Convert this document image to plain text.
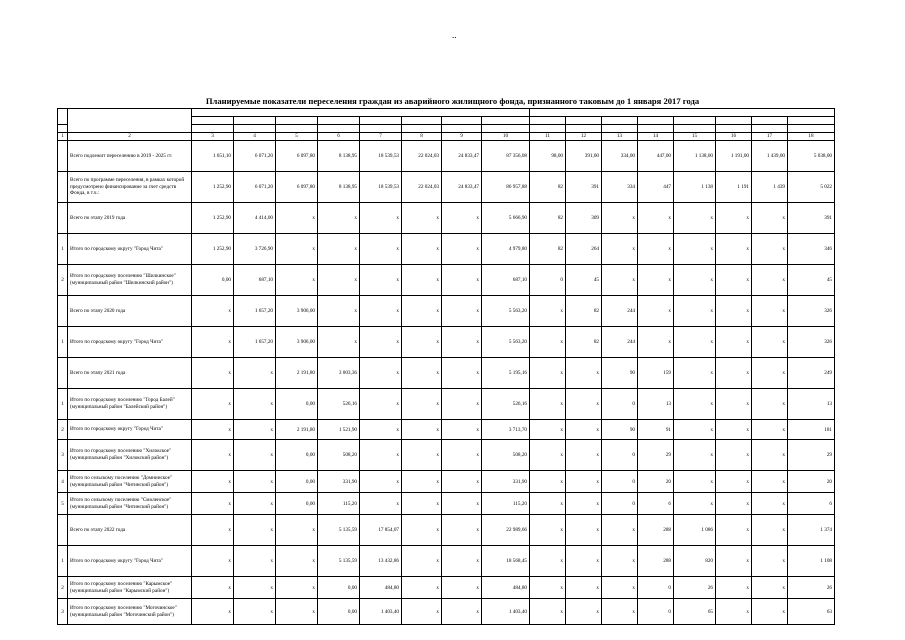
..
Планируемые показатели переселения граждан из аварийного жилищного фонда, признанного таковым до 1 января 2017 года

1	2	3	4	5	6	7	8	9	10	11	12	13	14	15	16	17	18
	Всего подлежит переселению в 2019 - 2025 гг.	1 651,10	6 071,20	6 097,80	8 138,95	18 539,53	22 024,03	24 833,47	87 356,08	98,00	391,00	334,00	447,00	1 138,00	1 191,00	1 439,00	5 038,00
	Всего по программе переселения, в рамках которой предусмотрено финансирование за счет средств Фонда, в т.ч.:	1 252,90	6 071,20	6 097,80	8 138,95	18 539,53	22 024,03	24 833,47	86 957,88	82	391	334	447	1 138	1 191	1 439	5 022
	Всего по этапу 2019 года	1 252,90	4 414,00	x	x	x	x	x	5 666,90	82	309	x	x	x	x	x	391
1	Итого по городскому округу "Город Чита"	1 252,90	3 726,90	x	x	x	x	x	4 979,80	82	264	x	x	x	x	x	346
2	Итого по городскому поселению "Шилкинское" (муниципальный район "Шилкинский район")	0,00	687,10	x	x	x	x	x	687,10	0	45	x	x	x	x	x	45
	Всего по этапу 2020 года	x	1 657,20	3 906,00	x	x	x	x	5 563,20	x	82	244	x	x	x	x	326
1	Итого по городскому округу "Город Чита"	x	1 657,20	3 906,00	x	x	x	x	5 563,20	x	82	244	x	x	x	x	326
	Всего по этапу 2021 года	x	x	2 191,80	3 003,36	x	x	x	5 195,16	x	x	90	159	x	x	x	249
1	Итого по городскому поселению "Город Балей" (муниципальный район "Балейский район")	x	x	0,00	526,16	x	x	x	526,16	x	x	0	13	x	x	x	13
2	Итого по городскому округу "Город Чита"	x	x	2 191,80	1 521,90	x	x	x	3 713,70	x	x	90	91	x	x	x	181
3	Итого по городскому поселению "Хилокское" (муниципальный район "Хилокский район")	x	x	0,00	508,20	x	x	x	508,20	x	x	0	29	x	x	x	29
4	Итого по сельскому поселению "Домнинское" (муниципальный район "Читинский район")	x	x	0,00	331,90	x	x	x	331,90	x	x	0	20	x	x	x	20
5	Итого по сельскому поселению "Смоленское" (муниципальный район "Читинский район")	x	x	0,00	115,20	x	x	x	115,20	x	x	0	6	x	x	x	6
	Всего по этапу 2022 года	x	x	x	5 135,59	17 854,07	x	x	22 989,66	x	x	x	288	1 086	x	x	1 374
1	Итого по городскому округу "Город Чита"	x	x	x	5 135,59	13 432,86	x	x	18 568,45	x	x	x	288	820	x	x	1 108
2	Итого по городскому поселению "Карымское" (муниципальный район "Карымский район")	x	x	x	0,00	484,80	x	x	484,80	x	x	x	0	26	x	x	26
3	Итого по городскому поселению "Могочинское" (муниципальный район "Могочинский район")	x	x	x	0,00	1 403,40	x	x	1 403,40	x	x	x	0	65	x	x	63
